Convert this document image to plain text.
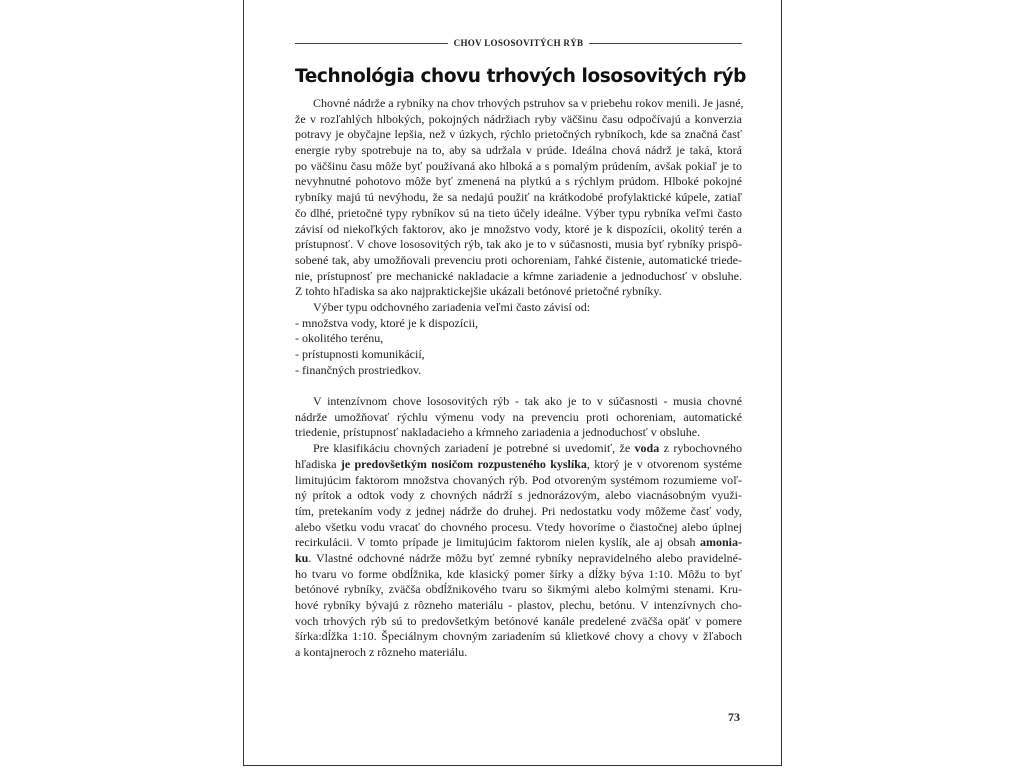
CHOV LOSOSOVITÝCH RÝB
Technológia chovu trhových lososovitých rýb
Chovné nádrže a rybníky na chov trhových pstruhov sa v priebehu rokov menili. Je jasné,
že v rozľahlých hlbokých, pokojných nádržiach ryby väčšinu času odpočívajú a konverzia
potravy je obyčajne lepšia, než v úzkych, rýchlo prietočných rybníkoch, kde sa značná časť
energie ryby spotrebuje na to, aby sa udržala v prúde. Ideálna chová nádrž je taká, ktorá
po väčšinu času môže byť používaná ako hlboká a s pomalým prúdením, avšak pokiaľ je to
nevyhnutné pohotovo môže byť zmenená na plytkú a s rýchlym prúdom. Hlboké pokojné
rybníky majú tú nevýhodu, že sa nedajú použiť na krátkodobé profylaktické kúpele, zatiaľ
čo dlhé, prietočné typy rybníkov sú na tieto účely ideálne. Výber typu rybníka veľmi často
závisí od niekoľkých faktorov, ako je množstvo vody, ktoré je k dispozícii, okolitý terén a
prístupnosť. V chove lososovitých rýb, tak ako je to v súčasnosti, musia byť rybníky prispô-
sobené tak, aby umožňovali prevenciu proti ochoreniam, ľahké čistenie, automatické triede-
nie, prístupnosť pre mechanické nakladacie a kŕmne zariadenie a jednoduchosť v obsluhe.
Z tohto hľadiska sa ako najpraktickejšie ukázali betónové prietočné rybníky.
Výber typu odchovného zariadenia veľmi často závisí od:
- množstva vody, ktoré je k dispozícii,
- okolitého terénu,
- prístupnosti komunikácií,
- finančných prostriedkov.
V intenzívnom chove lososovitých rýb - tak ako je to v súčasnosti - musia chovné
nádrže umožňovať rýchlu výmenu vody na prevenciu proti ochoreniam, automatické
triedenie, prístupnosť nakladacieho a kŕmneho zariadenia a jednoduchosť v obsluhe.
Pre klasifikáciu chovných zariadení je potrebné si uvedomiť, že voda z rybochovného
hľadiska je predovšetkým nosičom rozpusteného kyslíka, ktorý je v otvorenom systéme
limitujúcim faktorom množstva chovaných rýb. Pod otvoreným systémom rozumieme voľ-
ný prítok a odtok vody z chovných nádrží s jednorázovým, alebo viacnásobným využi-
tím, pretekaním vody z jednej nádrže do druhej. Pri nedostatku vody môžeme časť vody,
alebo všetku vodu vracať do chovného procesu. Vtedy hovoríme o čiastočnej alebo úplnej
recirkulácii. V tomto prípade je limitujúcim faktorom nielen kyslík, ale aj obsah amonia-
ku. Vlastné odchovné nádrže môžu byť zemné rybníky nepravidelného alebo pravidelné-
ho tvaru vo forme obdĺžnika, kde klasický pomer šírky a dĺžky býva 1:10. Môžu to byť
betónové rybníky, zväčša obdĺžnikového tvaru so šikmými alebo kolmými stenami. Kru-
hové rybníky bývajú z rôzneho materiálu - plastov, plechu, betónu. V intenzívnych cho-
voch trhových rýb sú to predovšetkým betónové kanále predelené zväčša opäť v pomere
šírka:dĺžka 1:10. Špeciálnym chovným zariadením sú klietkové chovy a chovy v žľaboch
a kontajneroch z rôzneho materiálu.
73
